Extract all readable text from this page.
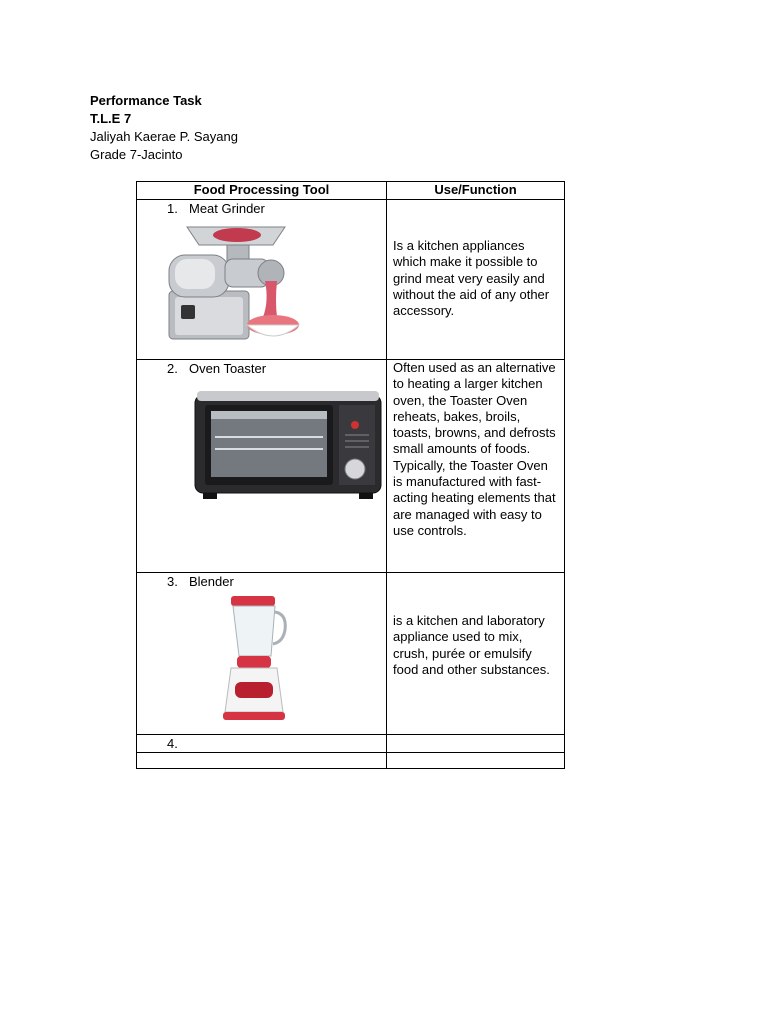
Performance Task
T.L.E 7
Jaliyah Kaerae P. Sayang
Grade 7-Jacinto
Food Processing Tool	Use/Function

1. Meat Grinder	Is a kitchen appliances which make it possible to grind meat very easily and without the aid of any other accessory.

2. Oven Toaster	Often used as an alternative to heating a larger kitchen oven, the Toaster Oven reheats, bakes, broils, toasts, browns, and defrosts small amounts of foods. Typically, the Toaster Oven is manufactured with fast-acting heating elements that are managed with easy to use controls.

3. Blender	is a kitchen and laboratory appliance used to mix, crush, purée or emulsify food and other substances.

4.	
